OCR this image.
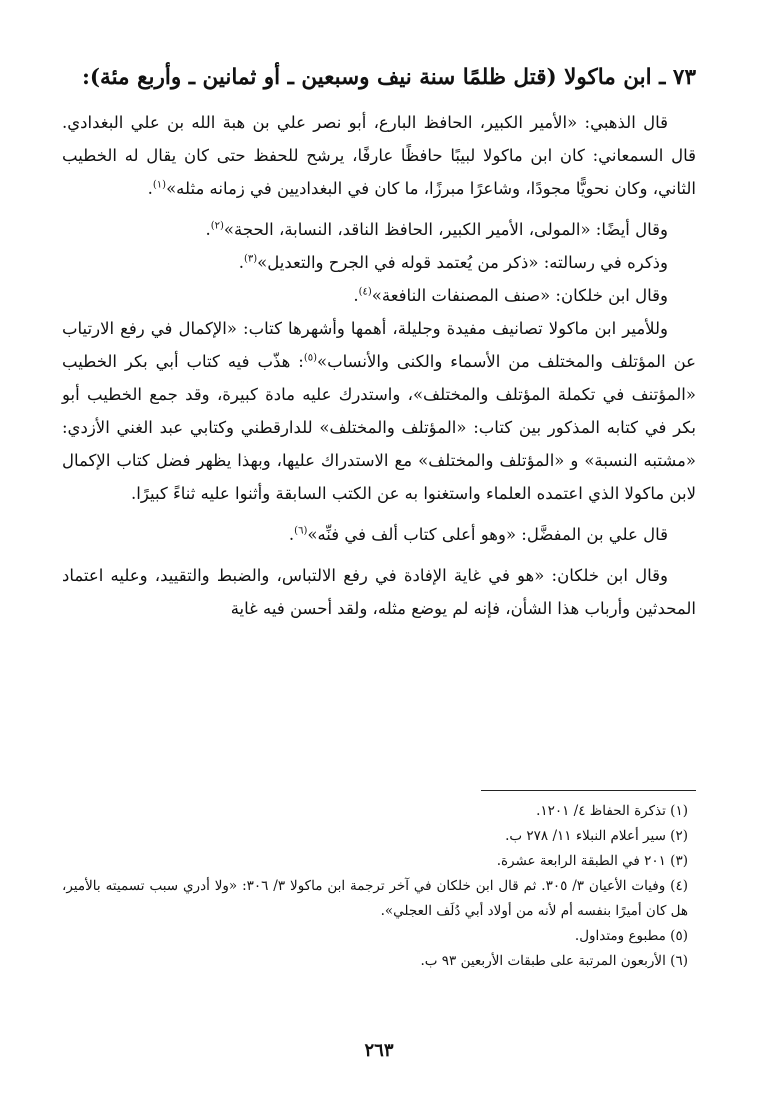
٧٣ ـ ابن ماكولا (قتل ظلمًا سنة نيف وسبعين ـ أو ثمانين ـ وأربع مئة):

قال الذهبي: «الأمير الكبير، الحافظ البارع، أبو نصر علي بن هبة الله بن علي البغدادي. قال السمعاني: كان ابن ماكولا لبيبًا حافظًا عارفًا، يرشح للحفظ حتى كان يقال له الخطيب الثاني، وكان نحويًّا مجودًا، وشاعرًا مبرزًا، ما كان في البغداديين في زمانه مثله»$^{(١)}$.

وقال أيضًا: «المولى، الأمير الكبير، الحافظ الناقد، النسابة، الحجة»$^{(٢)}$.

وذكره في رسالته: «ذكر من يُعتمد قوله في الجرح والتعديل»$^{(٣)}$.

وقال ابن خلكان: «صنف المصنفات النافعة»$^{(٤)}$.

وللأمير ابن ماكولا تصانيف مفيدة وجليلة، أهمها وأشهرها كتاب: «الإكمال في رفع الارتياب عن المؤتلف والمختلف من الأسماء والكنى والأنساب»$^{(٥)}$: هذّب فيه كتاب أبي بكر الخطيب «المؤتنف في تكملة المؤتلف والمختلف»، واستدرك عليه مادة كبيرة، وقد جمع الخطيب أبو بكر في كتابه المذكور بين كتاب: «المؤتلف والمختلف» للدارقطني وكتابي عبد الغني الأزدي: «مشتبه النسبة» و «المؤتلف والمختلف» مع الاستدراك عليها، وبهذا يظهر فضل كتاب الإكمال لابن ماكولا الذي اعتمده العلماء واستغنوا به عن الكتب السابقة وأثنوا عليه ثناءً كبيرًا.

قال علي بن المفضَّل: «وهو أعلى كتاب ألف في فنِّه»$^{(٦)}$.

وقال ابن خلكان: «هو في غاية الإفادة في رفع الالتباس، والضبط والتقييد، وعليه اعتماد المحدثين وأرباب هذا الشأن، فإنه لم يوضع مثله، ولقد أحسن فيه غاية

(١) تذكرة الحفاظ ٤/ ١٢٠١.
(٢) سير أعلام النبلاء ١١/ ٢٧٨ ب.
(٣) ٢٠١ في الطبقة الرابعة عشرة.
(٤) وفيات الأعيان ٣/ ٣٠٥. ثم قال ابن خلكان في آخر ترجمة ابن ماكولا ٣/ ٣٠٦: «ولا أدري سبب تسميته بالأمير، هل كان أميرًا بنفسه أم لأنه من أولاد أبي دُلَف العجلي».
(٥) مطبوع ومتداول.
(٦) الأربعون المرتبة على طبقات الأربعين ٩٣ ب.
٢٦٣
